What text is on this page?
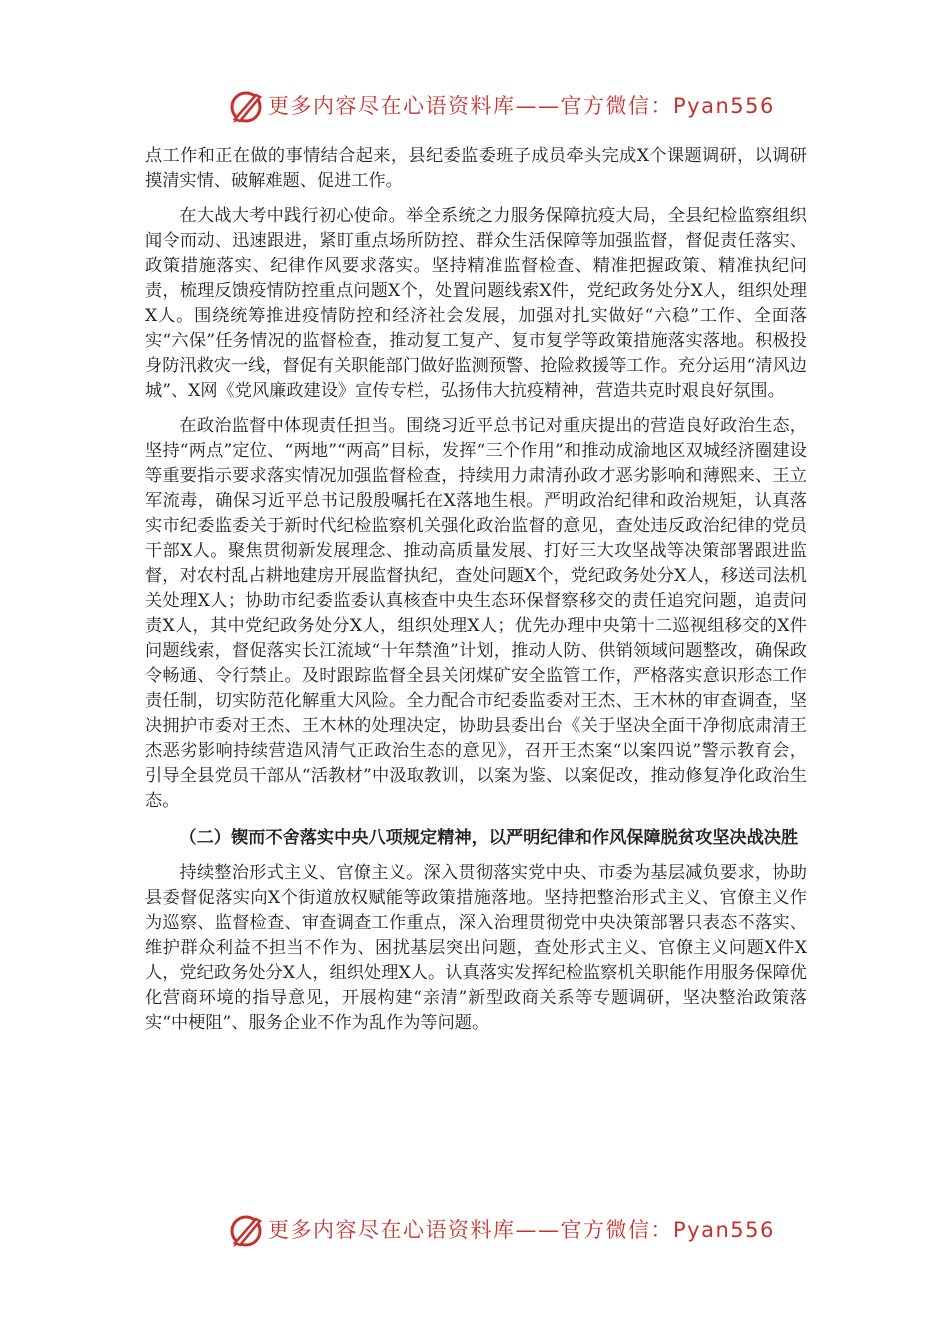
更多内容尽在心语资料库——官方微信：Pyan556

点工作和正在做的事情结合起来，县纪委监委班子成员牵头完成X个课题调研，以调研摸清实情、破解难题、促进工作。

在大战大考中践行初心使命。举全系统之力服务保障抗疫大局，全县纪检监察组织闻令而动、迅速跟进，紧盯重点场所防控、群众生活保障等加强监督，督促责任落实、政策措施落实、纪律作风要求落实。坚持精准监督检查、精准把握政策、精准执纪问责，梳理反馈疫情防控重点问题X个，处置问题线索X件，党纪政务处分X人，组织处理X人。围绕统筹推进疫情防控和经济社会发展，加强对扎实做好“六稳”工作、全面落实“六保”任务情况的监督检查，推动复工复产、复市复学等政策措施落实落地。积极投身防汛救灾一线，督促有关职能部门做好监测预警、抢险救援等工作。充分运用“清风边城”、X网《党风廉政建设》宣传专栏，弘扬伟大抗疫精神，营造共克时艰良好氛围。

在政治监督中体现责任担当。围绕习近平总书记对重庆提出的营造良好政治生态，坚持“两点”定位、“两地”“两高”目标，发挥“三个作用”和推动成渝地区双城经济圈建设等重要指示要求落实情况加强监督检查，持续用力肃清孙政才恶劣影响和薄熙来、王立军流毒，确保习近平总书记殷殷嘱托在X落地生根。严明政治纪律和政治规矩，认真落实市纪委监委关于新时代纪检监察机关强化政治监督的意见，查处违反政治纪律的党员干部X人。聚焦贯彻新发展理念、推动高质量发展、打好三大攻坚战等决策部署跟进监督，对农村乱占耕地建房开展监督执纪，查处问题X个，党纪政务处分X人，移送司法机关处理X人；协助市纪委监委认真核查中央生态环保督察移交的责任追究问题，追责问责X人，其中党纪政务处分X人，组织处理X人；优先办理中央第十二巡视组移交的X件问题线索，督促落实长江流域“十年禁渔”计划，推动人防、供销领域问题整改，确保政令畅通、令行禁止。及时跟踪监督全县关闭煤矿安全监管工作，严格落实意识形态工作责任制，切实防范化解重大风险。全力配合市纪委监委对王杰、王木林的审查调查，坚决拥护市委对王杰、王木林的处理决定，协助县委出台《关于坚决全面干净彻底肃清王杰恶劣影响持续营造风清气正政治生态的意见》，召开王杰案“以案四说”警示教育会，引导全县党员干部从“活教材”中汲取教训，以案为鉴、以案促改，推动修复净化政治生态。

（二）锲而不舍落实中央八项规定精神，以严明纪律和作风保障脱贫攻坚决战决胜

持续整治形式主义、官僚主义。深入贯彻落实党中央、市委为基层减负要求，协助县委督促落实向X个街道放权赋能等政策措施落地。坚持把整治形式主义、官僚主义作为巡察、监督检查、审查调查工作重点，深入治理贯彻党中央决策部署只表态不落实、维护群众利益不担当不作为、困扰基层突出问题，查处形式主义、官僚主义问题X件X人，党纪政务处分X人，组织处理X人。认真落实发挥纪检监察机关职能作用服务保障优化营商环境的指导意见，开展构建“亲清”新型政商关系等专题调研，坚决整治政策落实“中梗阻”、服务企业不作为乱作为等问题。

更多内容尽在心语资料库——官方微信：Pyan556
